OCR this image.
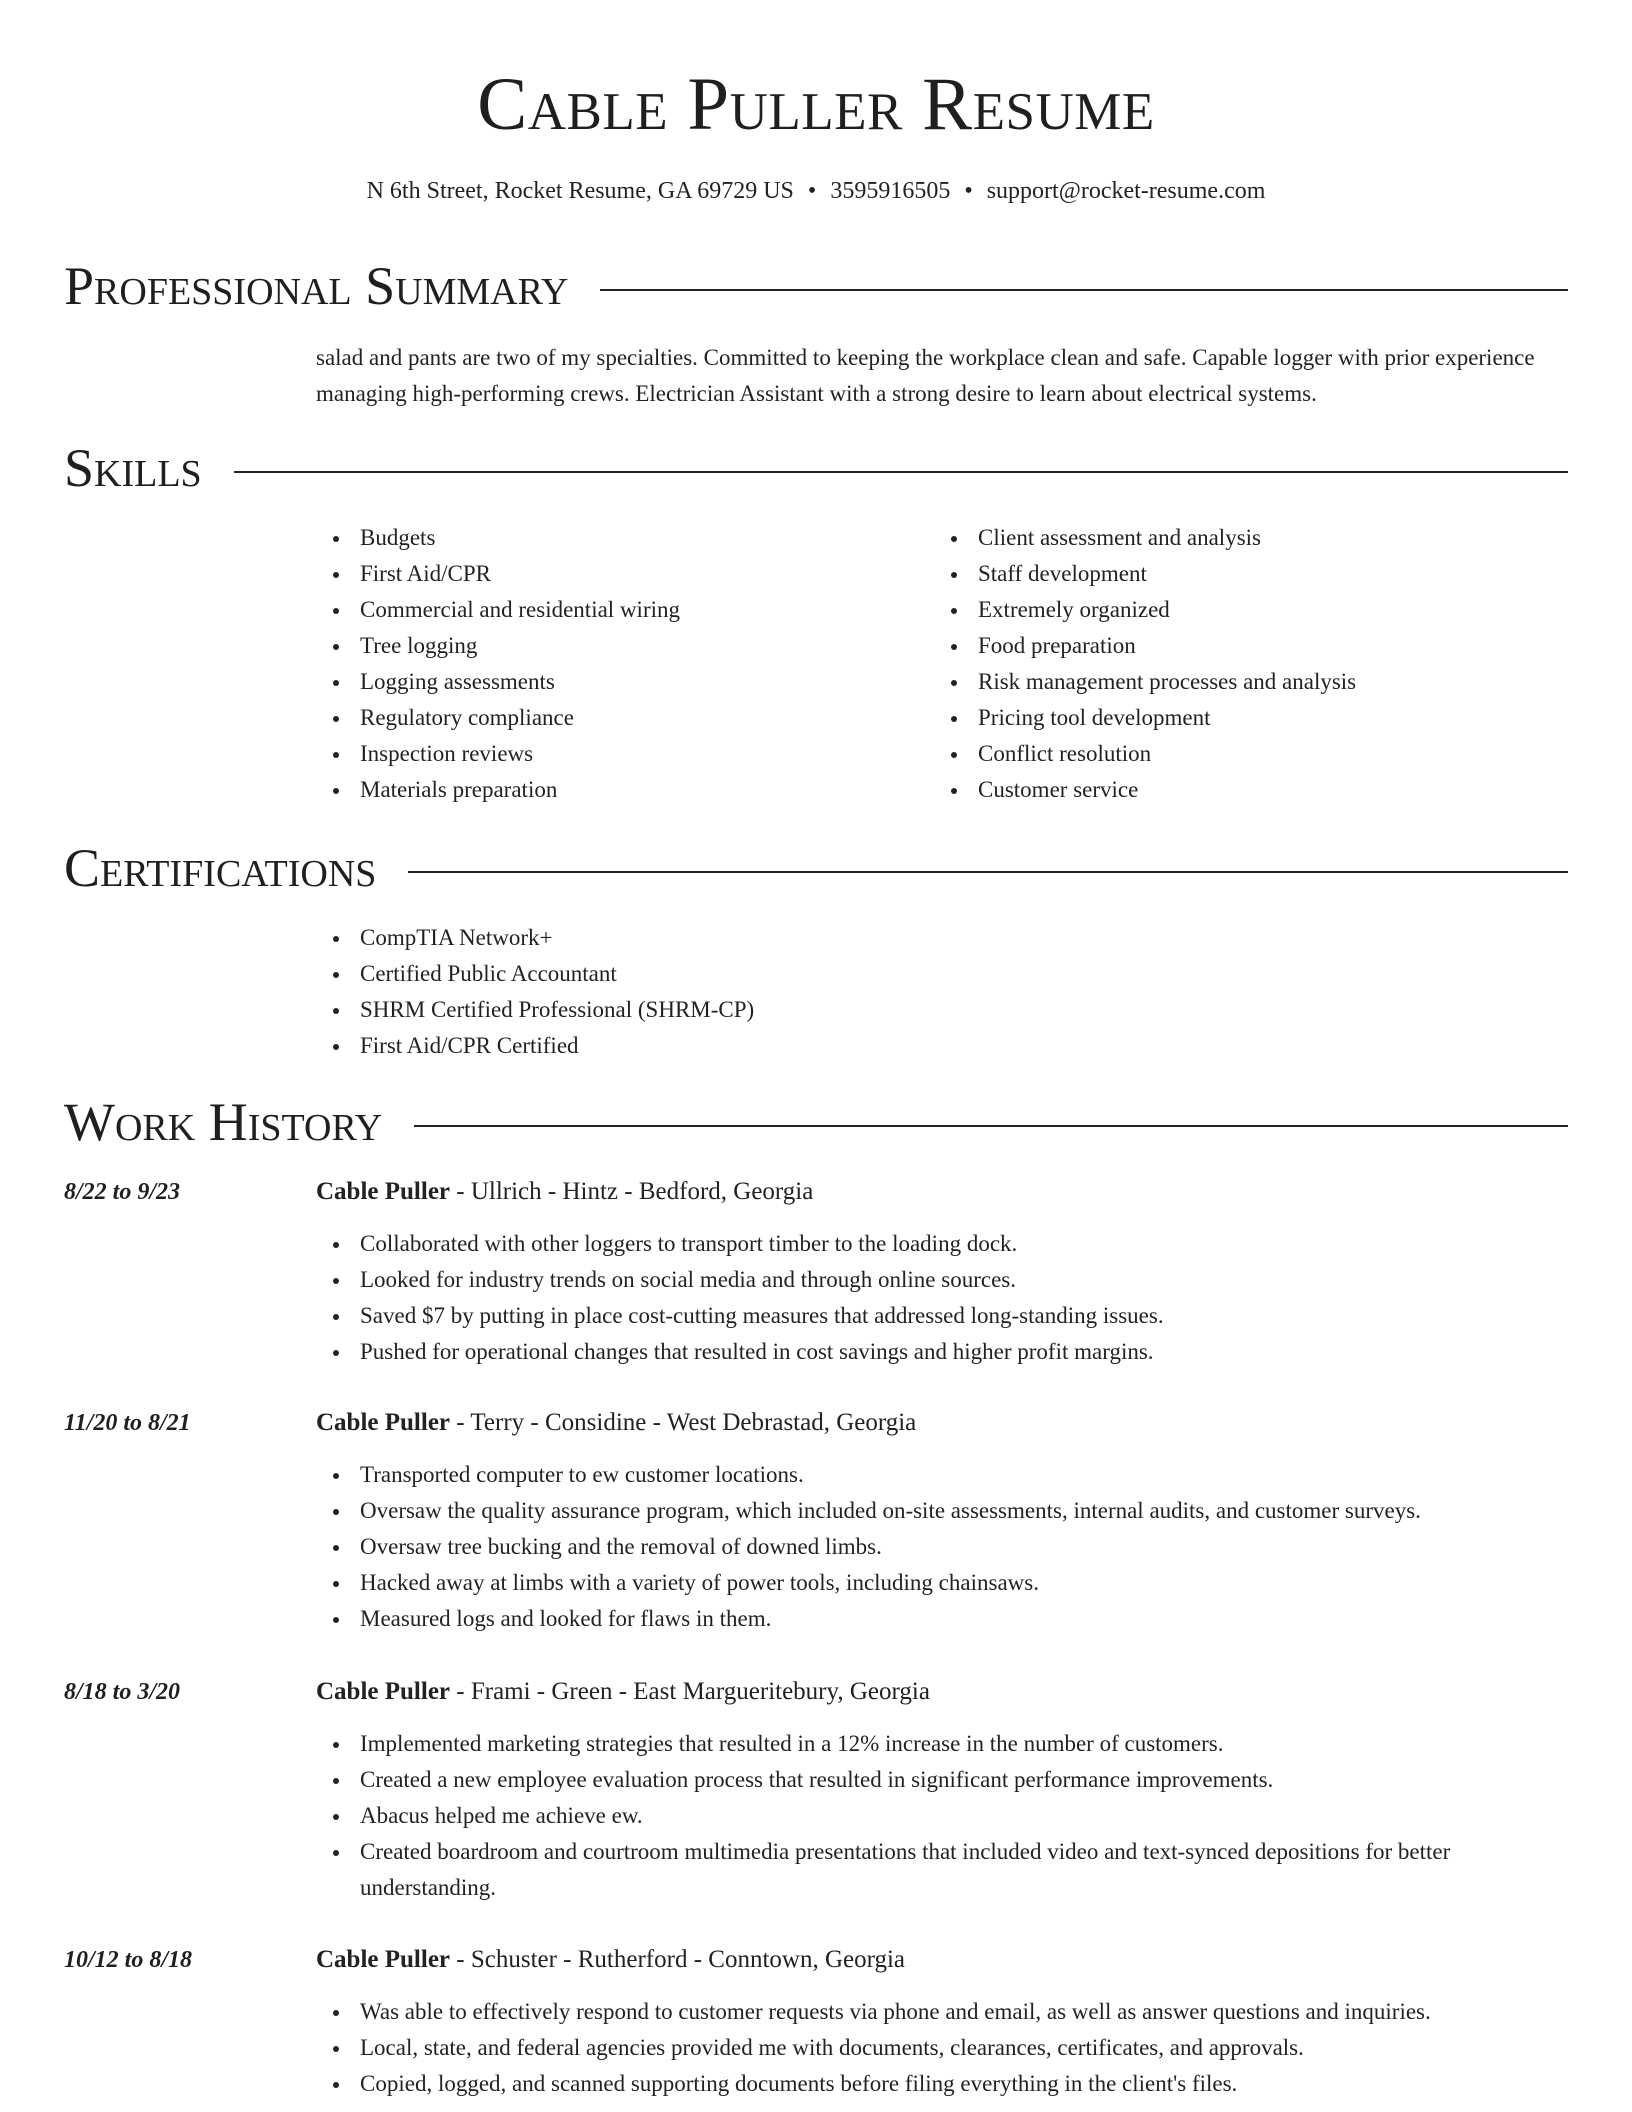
Cable Puller Resume
N 6th Street, Rocket Resume, GA 69729 US • 3595916505 • support@rocket-resume.com
Professional Summary

salad and pants are two of my specialties. Committed to keeping the workplace clean and safe. Capable logger with prior experience managing high-performing crews. Electrician Assistant with a strong desire to learn about electrical systems.

Skills
Budgets
First Aid/CPR
Commercial and residential wiring
Tree logging
Logging assessments
Regulatory compliance
Inspection reviews
Materials preparation
Client assessment and analysis
Staff development
Extremely organized
Food preparation
Risk management processes and analysis
Pricing tool development
Conflict resolution
Customer service
Certifications
CompTIA Network+
Certified Public Accountant
SHRM Certified Professional (SHRM-CP)
First Aid/CPR Certified
Work History
8/22 to 9/23	Cable Puller - Ullrich - Hintz - Bedford, Georgia
Collaborated with other loggers to transport timber to the loading dock.
Looked for industry trends on social media and through online sources.
Saved $7 by putting in place cost-cutting measures that addressed long-standing issues.
Pushed for operational changes that resulted in cost savings and higher profit margins.
11/20 to 8/21	Cable Puller - Terry - Considine - West Debrastad, Georgia
Transported computer to ew customer locations.
Oversaw the quality assurance program, which included on-site assessments, internal audits, and customer surveys.
Oversaw tree bucking and the removal of downed limbs.
Hacked away at limbs with a variety of power tools, including chainsaws.
Measured logs and looked for flaws in them.
8/18 to 3/20	Cable Puller - Frami - Green - East Margueritebury, Georgia
Implemented marketing strategies that resulted in a 12% increase in the number of customers.
Created a new employee evaluation process that resulted in significant performance improvements.
Abacus helped me achieve ew.
Created boardroom and courtroom multimedia presentations that included video and text-synced depositions for better understanding.
10/12 to 8/18	Cable Puller - Schuster - Rutherford - Conntown, Georgia
Was able to effectively respond to customer requests via phone and email, as well as answer questions and inquiries.
Local, state, and federal agencies provided me with documents, clearances, certificates, and approvals.
Copied, logged, and scanned supporting documents before filing everything in the client's files.
